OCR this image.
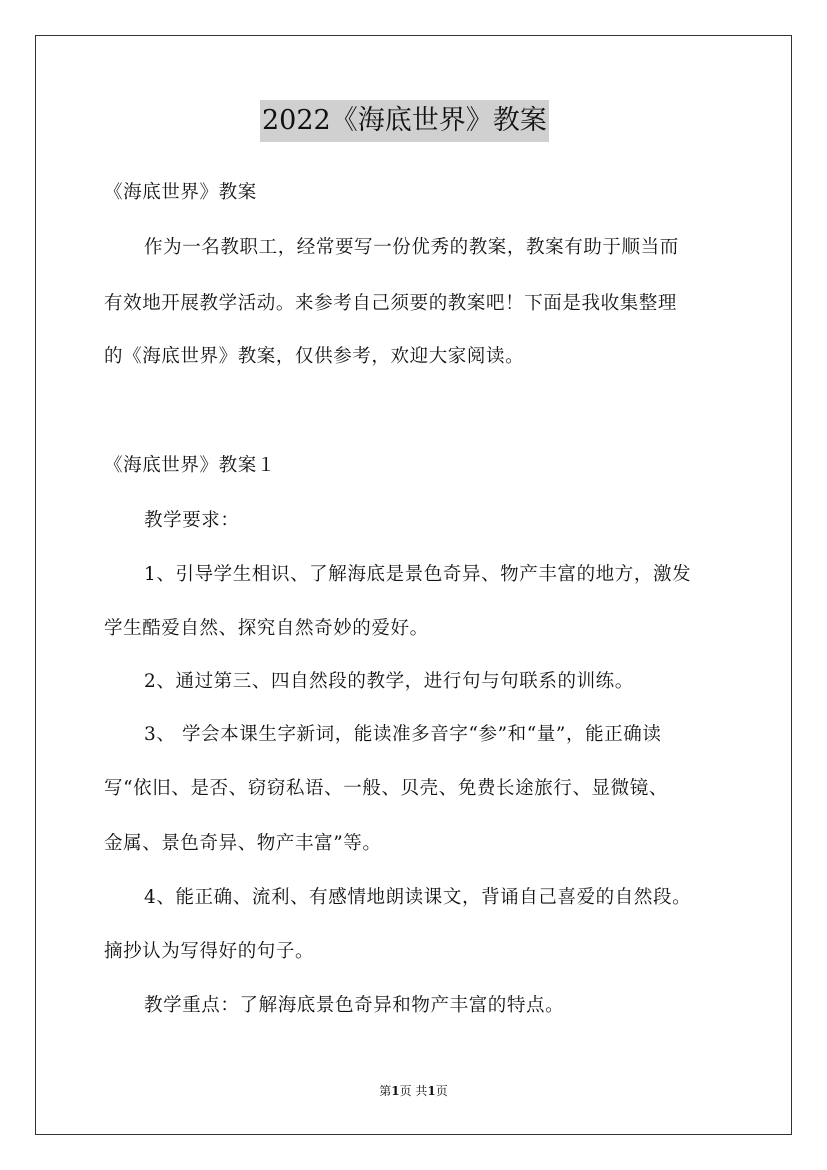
2022《海底世界》教案
《海底世界》教案
作为一名教职工，经常要写一份优秀的教案，教案有助于顺当而
有效地开展教学活动。来参考自己须要的教案吧！下面是我收集整理
的《海底世界》教案，仅供参考，欢迎大家阅读。
《海底世界》教案１
教学要求：
1、引导学生相识、了解海底是景色奇异、物产丰富的地方，激发
学生酷爱自然、探究自然奇妙的爱好。
2、通过第三、四自然段的教学，进行句与句联系的训练。
3、 学会本课生字新词，能读准多音字“参”和“量”，能正确读
写“依旧、是否、窃窃私语、一般、贝壳、免费长途旅行、显微镜、
金属、景色奇异、物产丰富”等。
4、能正确、流利、有感情地朗读课文，背诵自己喜爱的自然段。
摘抄认为写得好的句子。
教学重点：了解海底景色奇异和物产丰富的特点。
第1页 共1页
